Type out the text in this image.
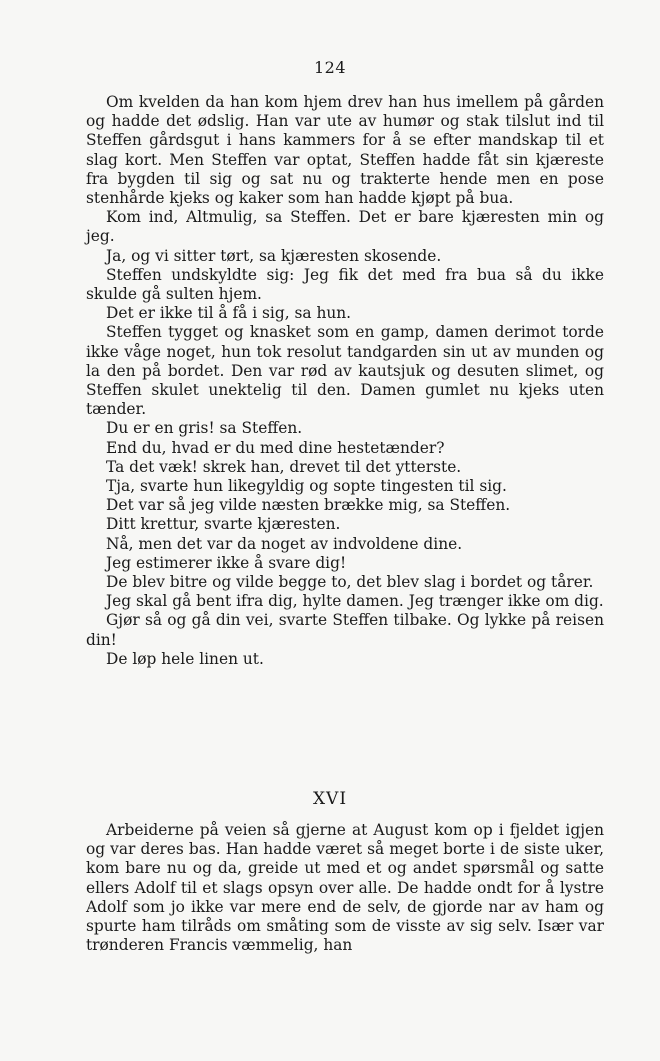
124

Om kvelden da han kom hjem drev han hus imellem på gården og hadde det ødslig. Han var ute av humør og stak tilslut ind til Steffen gårdsgut i hans kammers for å se efter mandskap til et slag kort. Men Steffen var optat, Steffen hadde fåt sin kjæreste fra bygden til sig og sat nu og trakterte hende men en pose stenhårde kjeks og kaker som han hadde kjøpt på bua.

Kom ind, Altmulig, sa Steffen. Det er bare kjæresten min og jeg.

Ja, og vi sitter tørt, sa kjæresten skosende.

Steffen undskyldte sig: Jeg fik det med fra bua så du ikke skulde gå sulten hjem.

Det er ikke til å få i sig, sa hun.

Steffen tygget og knasket som en gamp, damen derimot torde ikke våge noget, hun tok resolut tandgarden sin ut av munden og la den på bordet. Den var rød av kautsjuk og desuten slimet, og Steffen skulet unektelig til den. Damen gumlet nu kjeks uten tænder.

Du er en gris! sa Steffen.

End du, hvad er du med dine hestetænder?

Ta det væk! skrek han, drevet til det ytterste.

Tja, svarte hun likegyldig og sopte tingesten til sig.

Det var så jeg vilde næsten brække mig, sa Steffen.

Ditt krettur, svarte kjæresten.

Nå, men det var da noget av indvoldene dine.

Jeg estimerer ikke å svare dig!

De blev bitre og vilde begge to, det blev slag i bordet og tårer.

Jeg skal gå bent ifra dig, hylte damen. Jeg trænger ikke om dig.

Gjør så og gå din vei, svarte Steffen tilbake. Og lykke på reisen din!

De løp hele linen ut.

XVI

Arbeiderne på veien så gjerne at August kom op i fjeldet igjen og var deres bas. Han hadde været så meget borte i de siste uker, kom bare nu og da, greide ut med et og andet spørsmål og satte ellers Adolf til et slags opsyn over alle. De hadde ondt for å lystre Adolf som jo ikke var mere end de selv, de gjorde nar av ham og spurte ham tilråds om småting som de visste av sig selv. Især var trønderen Francis væmmelig, han
